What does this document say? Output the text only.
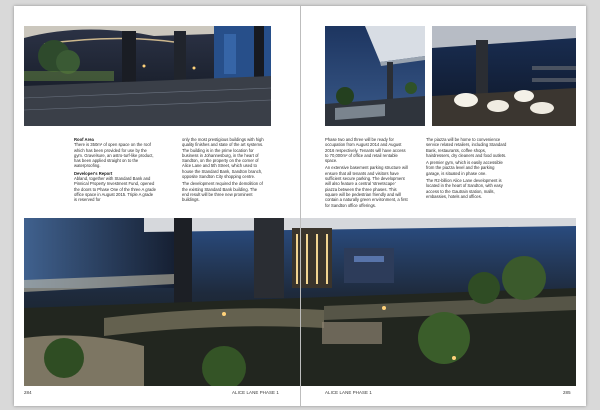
Roof Area
There is 350m² of open space on the roof which has been provided for use by the gym. Gravelsure, an astro-turf-like product, has been applied straight on to the waterproofing.

Developer's Report
Abland, together with Standard Bank and Pinnical Property Investment Fund, opened the doors to Phase One of the three A grade office space in August 2015. Triple A grade is reserved for

only the most prestigious buildings with high quality finishes and state of the art systems. The building is in the prime location for business in Johannesburg, in the heart of Sandton, on the property on the corner of Alice Lane and 5th Street, which used to house the Standard Bank, Sandton branch, opposite Sandton City shopping centre.

The development required the demolition of the existing Standard Bank building. The end result will be three new prominent buildings.

Phase two and three will be ready for occupation from August 2014 and August 2016 respectively. Tenants will have access to 70,000m² of office and retail rentable space.

An extensive basement parking structure will ensure that all tenants and visitors have sufficient secure parking. The development will also feature a central 'streetscape' piazza between the three phases. This square will be pedestrian friendly and will contain a naturally green environment, a first for Sandton office offerings.

The piazza will be home to convenience service related retailers, including Standard Bank, restaurants, coffee shops, hairdressers, dry cleaners and food outlets.

A premier gym, which is easily accessible from the piazza level and the parking garage, is situated in phase one.

The R2-billion Alice Lane development is located in the heart of Sandton, with easy access to the Gautrain station, malls, embassies, hotels and offices.

284	ALICE LANE PHASE 1	ALICE LANE PHASE 1	285
